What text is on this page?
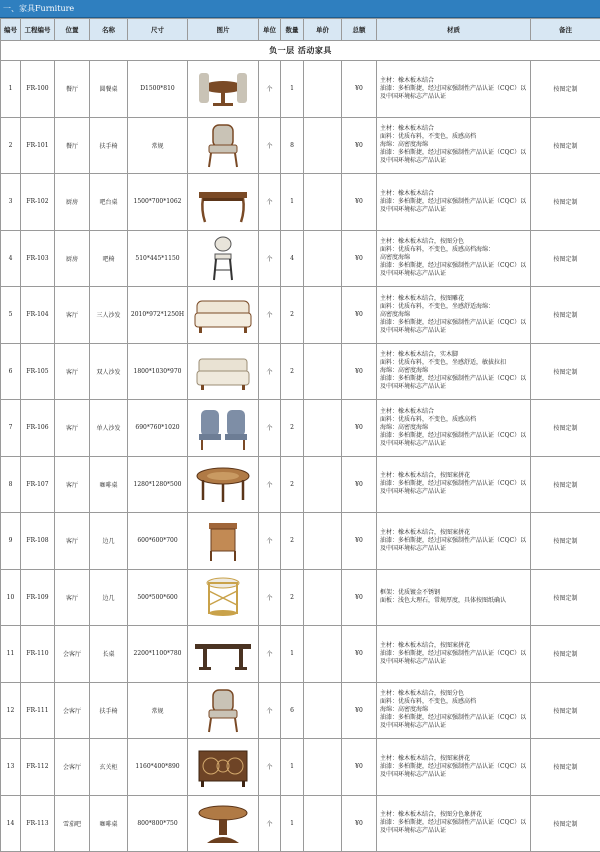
一、家具Furniture
编号	工程编号	位置	名称	尺寸	图片	单位	数量	单价	总额	材质	备注
负一层 活动家具											
1	FR-100	餐厅	圆餐桌	D1500*810		个	1		¥0	主材：橡木板木结合
油漆：多柏斯捷，经过国家强制性产品认证（CQC）以及中国环境标志产品认证	按图定制
2	FR-101	餐厅	扶手椅	常规		个	8		¥0	主材：橡木板木结合
面料：优质布料，不变色，质感高档
海绵：高密度海绵
油漆：多柏斯捷，经过国家强制性产品认证（CQC）以及中国环境标志产品认证	按图定制
3	FR-102	厨房	吧台桌	1500*700*1062		个	1		¥0	主材：橡木板木结合
油漆：多柏斯捷，经过国家强制性产品认证（CQC）以及中国环境标志产品认证	按图定制
4	FR-103	厨房	吧椅	510*445*1150		个	4		¥0	主材：橡木板木结合，按图分色
面料：优质布料，不变色，质感高档海绵：
高密度海绵
油漆：多柏斯捷，经过国家强制性产品认证（CQC）以及中国环境标志产品认证	按图定制
5	FR-104	客厅	三人沙发	2010*972*1250H		个	2		¥0	主材：橡木板木结合，按图雕花
面料：优质布料，不变色，坐感舒适海绵：
高密度海绵
油漆：多柏斯捷，经过国家强制性产品认证（CQC）以及中国环境标志产品认证	按图定制
6	FR-105	客厅	双人沙发	1800*1030*970		个	2		¥0	主材：橡木板木结合，实木脚
面料：优质布料，不变色，坐感舒适，敏拔拉扣
海绵：高密度海绵
油漆：多柏斯捷，经过国家强制性产品认证（CQC）以及中国环境标志产品认证	按图定制
7	FR-106	客厅	单人沙发	690*760*1020		个	2		¥0	主材：橡木板木结合
面料：优质布料，不变色，质感高档
海绵：高密度海绵
油漆：多柏斯捷，经过国家强制性产品认证（CQC）以及中国环境标志产品认证	按图定制
8	FR-107	客厅	咖啡桌	1280*1280*500		个	2		¥0	主材：橡木板木结合，按图案拼花
油漆：多柏斯捷，经过国家强制性产品认证（CQC）以及中国环境标志产品认证	按图定制
9	FR-108	客厅	边几	600*600*700		个	2		¥0	主材：橡木板木结合，按图案拼花
油漆：多柏斯捷，经过国家强制性产品认证（CQC）以及中国环境标志产品认证	按图定制
10	FR-109	客厅	边几	500*500*600		个	2		¥0	框架：优质镀金不锈钢
面板：浅色大理石，常规厚度，具体按图纸确认	按图定制
11	FR-110	会客厅	长桌	2200*1100*780		个	1		¥0	主材：橡木板木结合，按图案拼花
油漆：多柏斯捷，经过国家强制性产品认证（CQC）以及中国环境标志产品认证	按图定制
12	FR-111	会客厅	扶手椅	常规		个	6		¥0	主材：橡木板木结合，按图分色
面料：优质布料，不变色，质感高档
海绵：高密度海绵
油漆：多柏斯捷，经过国家强制性产品认证（CQC）以及中国环境标志产品认证	按图定制
13	FR-112	会客厅	玄关柜	1160*400*890		个	1		¥0	主材：橡木板木结合，按图案拼花
油漆：多柏斯捷，经过国家强制性产品认证（CQC）以及中国环境标志产品认证	按图定制
14	FR-113	雪茄吧	咖啡桌	800*800*750		个	1		¥0	主材：橡木板木结合，按图分色象拼花
油漆：多柏斯捷，经过国家强制性产品认证（CQC）以及中国环境标志产品认证	按图定制
